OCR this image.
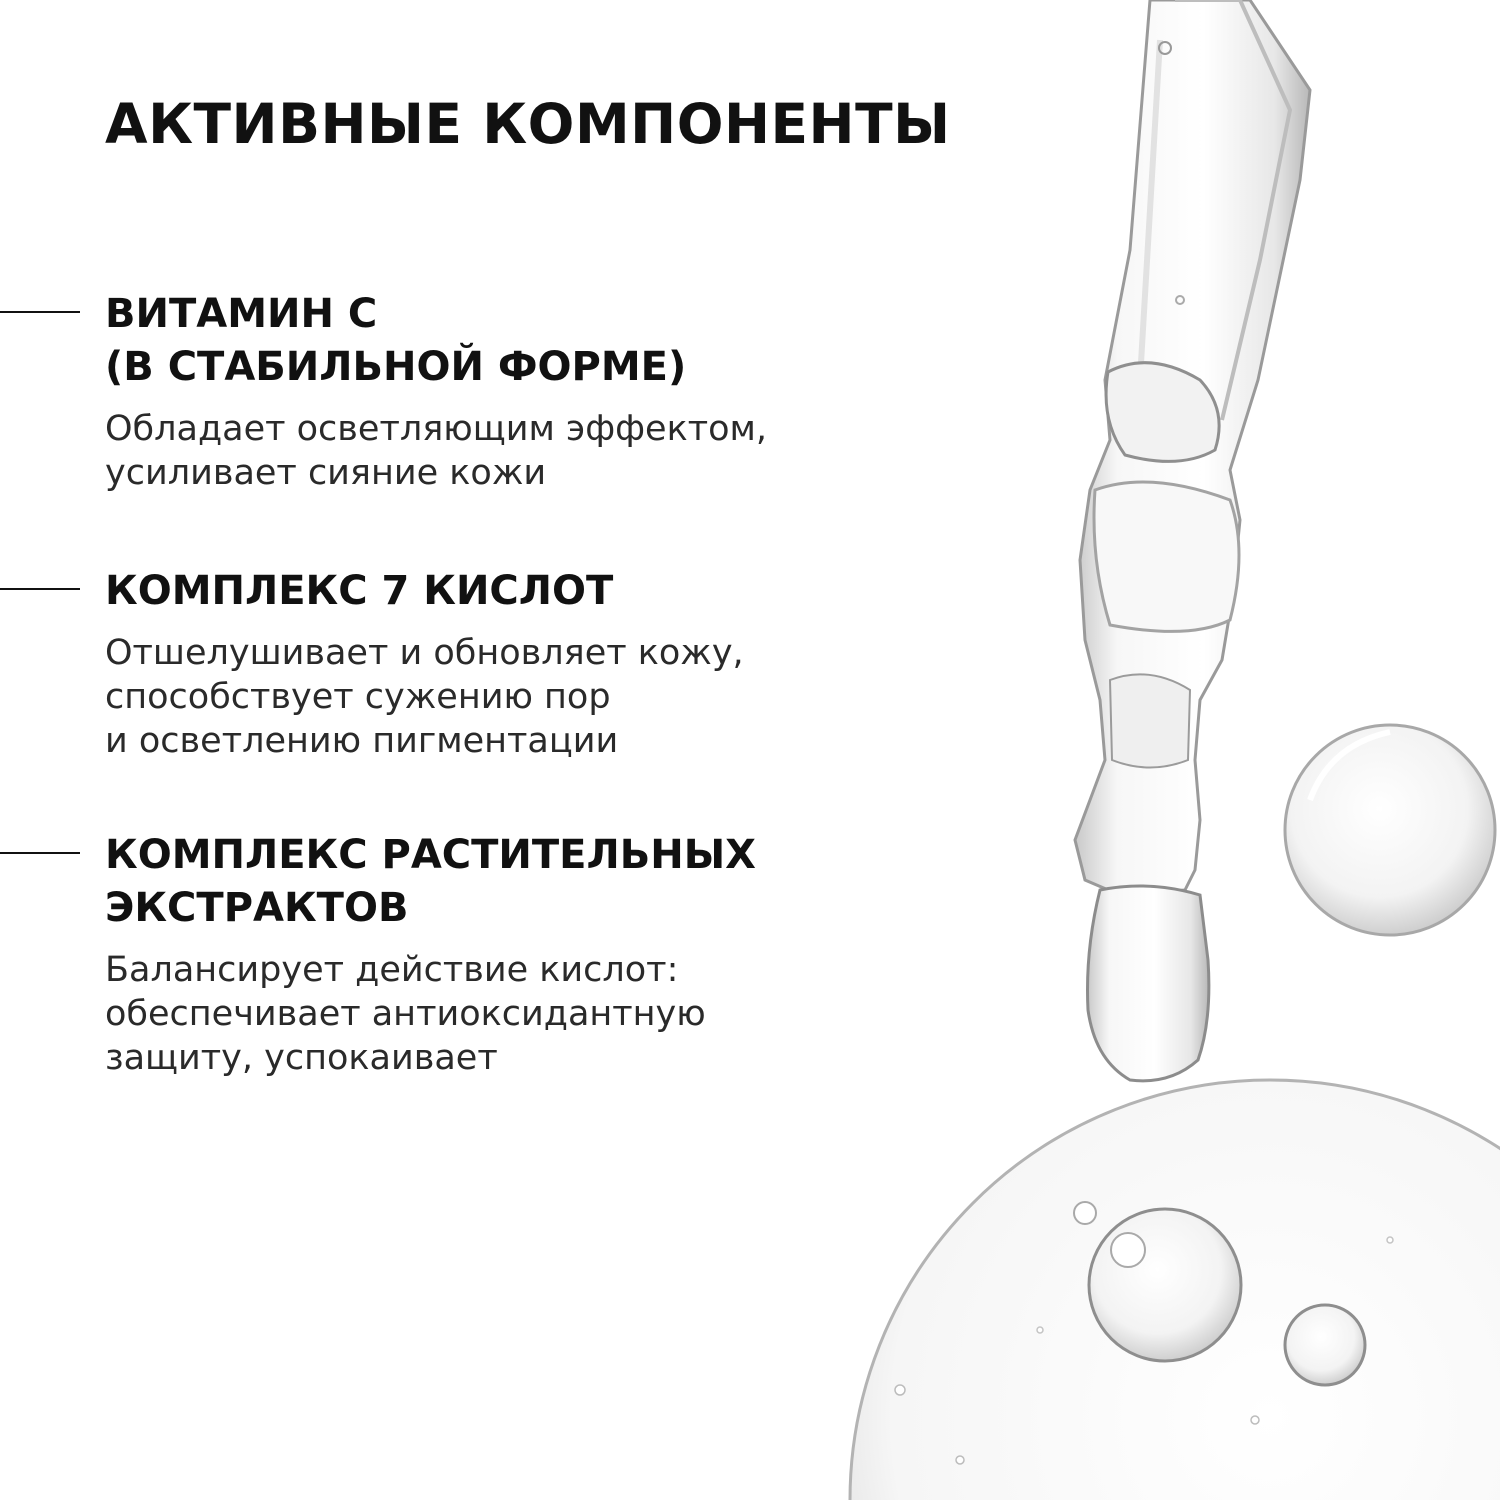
АКТИВНЫЕ КОМПОНЕНТЫ
ВИТАМИН С
(В СТАБИЛЬНОЙ ФОРМЕ)

Обладает осветляющим эффектом,
усиливает сияние кожи

КОМПЛЕКС 7 КИСЛОТ

Отшелушивает и обновляет кожу,
способствует сужению пор
и осветлению пигментации

КОМПЛЕКС РАСТИТЕЛЬНЫХ
ЭКСТРАКТОВ

Балансирует действие кислот:
обеспечивает антиоксидантную
защиту, успокаивает
